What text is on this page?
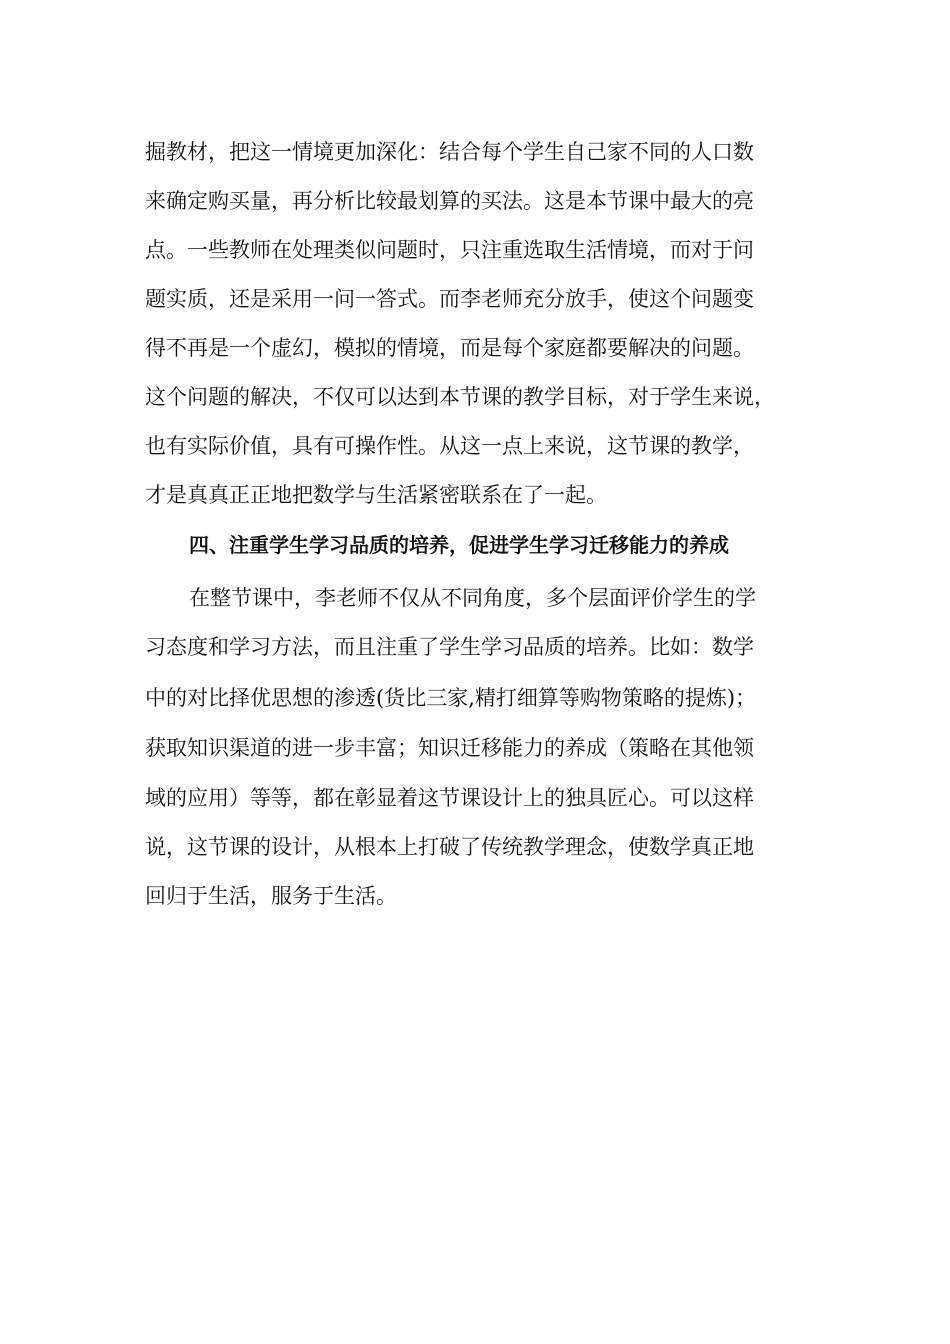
掘教材，把这一情境更加深化：结合每个学生自己家不同的人口数
来确定购买量，再分析比较最划算的买法。这是本节课中最大的亮
点。一些教师在处理类似问题时，只注重选取生活情境，而对于问
题实质，还是采用一问一答式。而李老师充分放手，使这个问题变
得不再是一个虚幻，模拟的情境，而是每个家庭都要解决的问题。
这个问题的解决，不仅可以达到本节课的教学目标，对于学生来说，
也有实际价值，具有可操作性。从这一点上来说，这节课的教学，
才是真真正正地把数学与生活紧密联系在了一起。
四、注重学生学习品质的培养，促进学生学习迁移能力的养成
在整节课中，李老师不仅从不同角度，多个层面评价学生的学
习态度和学习方法，而且注重了学生学习品质的培养。比如：数学
中的对比择优思想的渗透(货比三家,精打细算等购物策略的提炼)；
获取知识渠道的进一步丰富；知识迁移能力的养成（策略在其他领
域的应用）等等，都在彰显着这节课设计上的独具匠心。可以这样
说，这节课的设计，从根本上打破了传统教学理念，使数学真正地
回归于生活，服务于生活。
